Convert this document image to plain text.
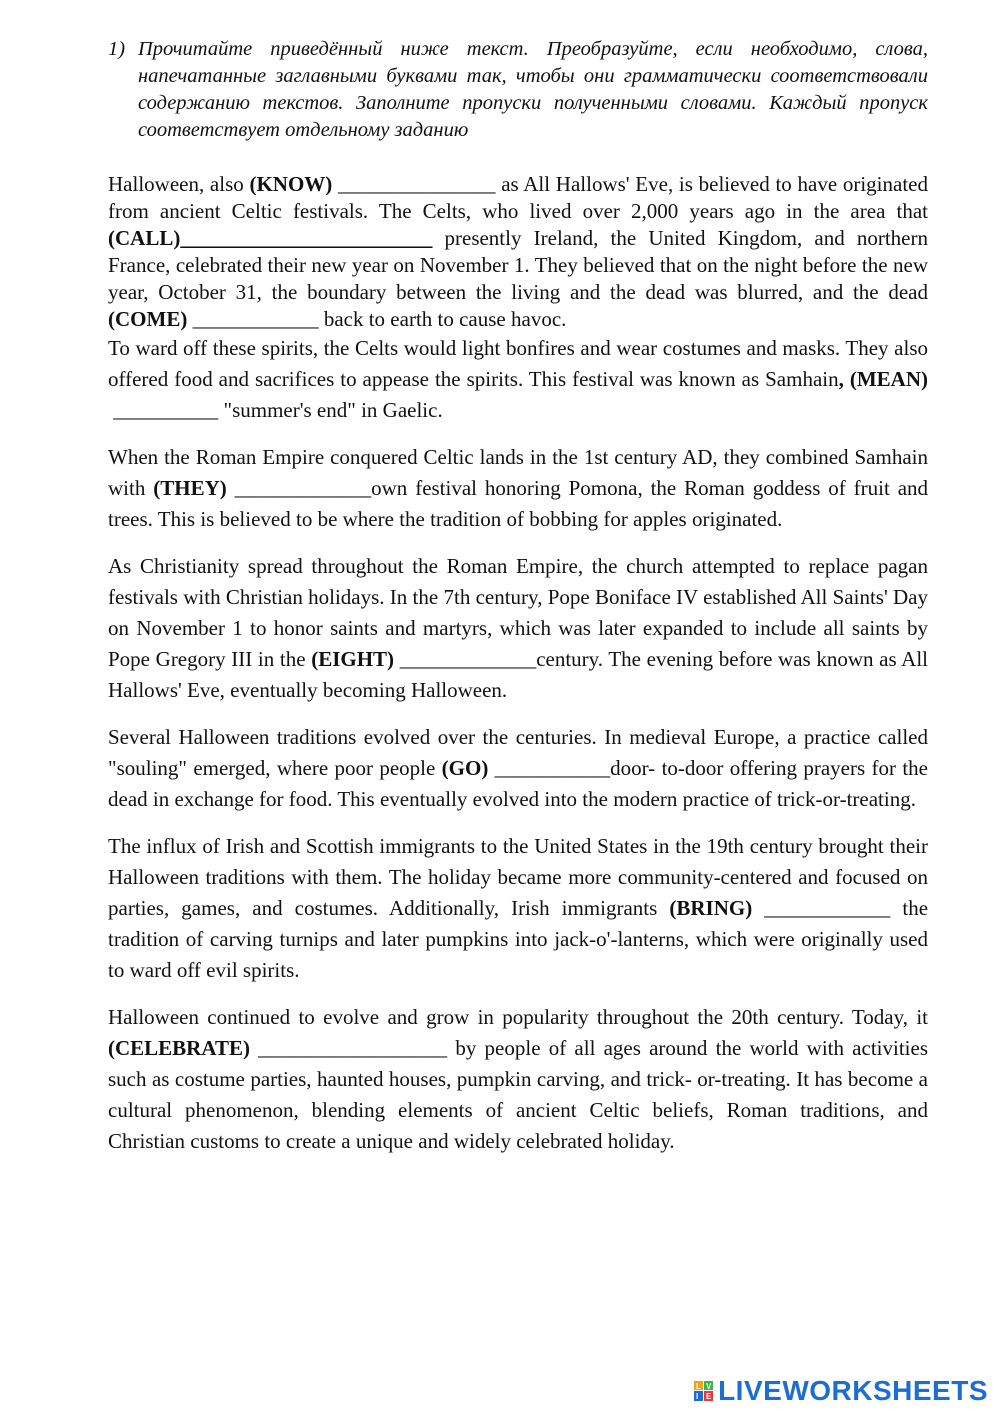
1) Прочитайте приведённый ниже текст. Преобразуйте, если необходимо, слова, напечатанные заглавными буквами так, чтобы они грамматически соответствовали содержанию текстов. Заполните пропуски полученными словами. Каждый пропуск соответствует отдельному заданию

Halloween, also (KNOW) _______________ as All Hallows' Eve, is believed to have originated from ancient Celtic festivals. The Celts, who lived over 2,000 years ago in the area that (CALL)________________________ presently Ireland, the United Kingdom, and northern France, celebrated their new year on November 1. They believed that on the night before the new year, October 31, the boundary between the living and the dead was blurred, and the dead (COME) ____________ back to earth to cause havoc.

To ward off these spirits, the Celts would light bonfires and wear costumes and masks. They also offered food and sacrifices to appease the spirits. This festival was known as Samhain, (MEAN) __________ "summer's end" in Gaelic.

When the Roman Empire conquered Celtic lands in the 1st century AD, they combined Samhain with (THEY) _____________own festival honoring Pomona, the Roman goddess of fruit and trees. This is believed to be where the tradition of bobbing for apples originated.

As Christianity spread throughout the Roman Empire, the church attempted to replace pagan festivals with Christian holidays. In the 7th century, Pope Boniface IV established All Saints' Day on November 1 to honor saints and martyrs, which was later expanded to include all saints by Pope Gregory III in the (EIGHT) _____________century. The evening before was known as All Hallows' Eve, eventually becoming Halloween.

Several Halloween traditions evolved over the centuries. In medieval Europe, a practice called "souling" emerged, where poor people (GO) ___________door- to-door offering prayers for the dead in exchange for food. This eventually evolved into the modern practice of trick-or-treating.

The influx of Irish and Scottish immigrants to the United States in the 19th century brought their Halloween traditions with them. The holiday became more community-centered and focused on parties, games, and costumes. Additionally, Irish immigrants (BRING) ____________ the tradition of carving turnips and later pumpkins into jack-o'-lanterns, which were originally used to ward off evil spirits.

Halloween continued to evolve and grow in popularity throughout the 20th century. Today, it (CELEBRATE) __________________ by people of all ages around the world with activities such as costume parties, haunted houses, pumpkin carving, and trick- or-treating. It has become a cultural phenomenon, blending elements of ancient Celtic beliefs, Roman traditions, and Christian customs to create a unique and widely celebrated holiday.

L V
I E LIVEWORKSHEETS
